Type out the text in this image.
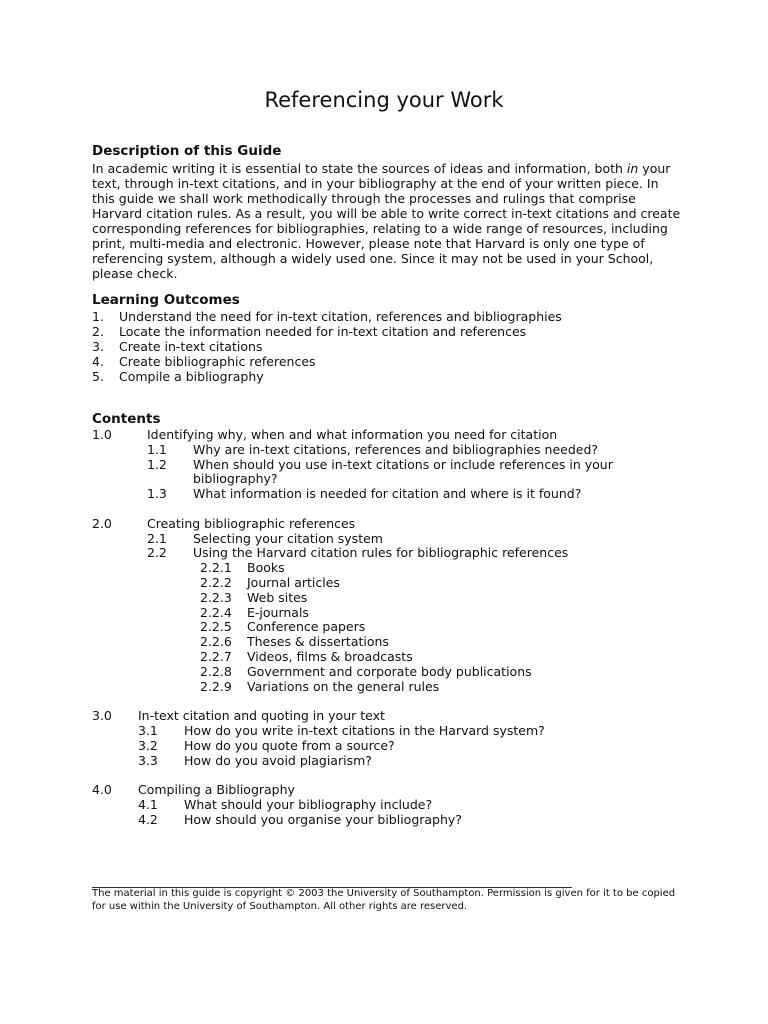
Referencing your Work
Description of this Guide

In academic writing it is essential to state the sources of ideas and information, both in your text, through in-text citations, and in your bibliography at the end of your written piece. In this guide we shall work methodically through the processes and rulings that comprise Harvard citation rules. As a result, you will be able to write correct in-text citations and create corresponding references for bibliographies, relating to a wide range of resources, including print, multi-media and electronic. However, please note that Harvard is only one type of referencing system, although a widely used one. Since it may not be used in your School, please check.

Learning Outcomes
1. Understand the need for in-text citation, references and bibliographies
2. Locate the information needed for in-text citation and references
3. Create in-text citations
4. Create bibliographic references
5. Compile a bibliography
Contents
1.0	Identifying why, when and what information you need for citation
1.1 Why are in-text citations, references and bibliographies needed?
1.2 When should you use in-text citations or include references in your bibliography?
1.3 What information is needed for citation and where is it found?
2.0	Creating bibliographic references
2.1 Selecting your citation system
2.2 Using the Harvard citation rules for bibliographic references
2.2.1 Books
2.2.2 Journal articles
2.2.3 Web sites
2.2.4 E-journals
2.2.5 Conference papers
2.2.6 Theses & dissertations
2.2.7 Videos, films & broadcasts
2.2.8 Government and corporate body publications
2.2.9 Variations on the general rules
3.0 In-text citation and quoting in your text
3.1 How do you write in-text citations in the Harvard system?
3.2 How do you quote from a source?
3.3 How do you avoid plagiarism?
4.0 Compiling a Bibliography
4.1 What should your bibliography include?
4.2 How should you organise your bibliography?

The material in this guide is copyright © 2003 the University of Southampton. Permission is given for it to be copied for use within the University of Southampton. All other rights are reserved.
